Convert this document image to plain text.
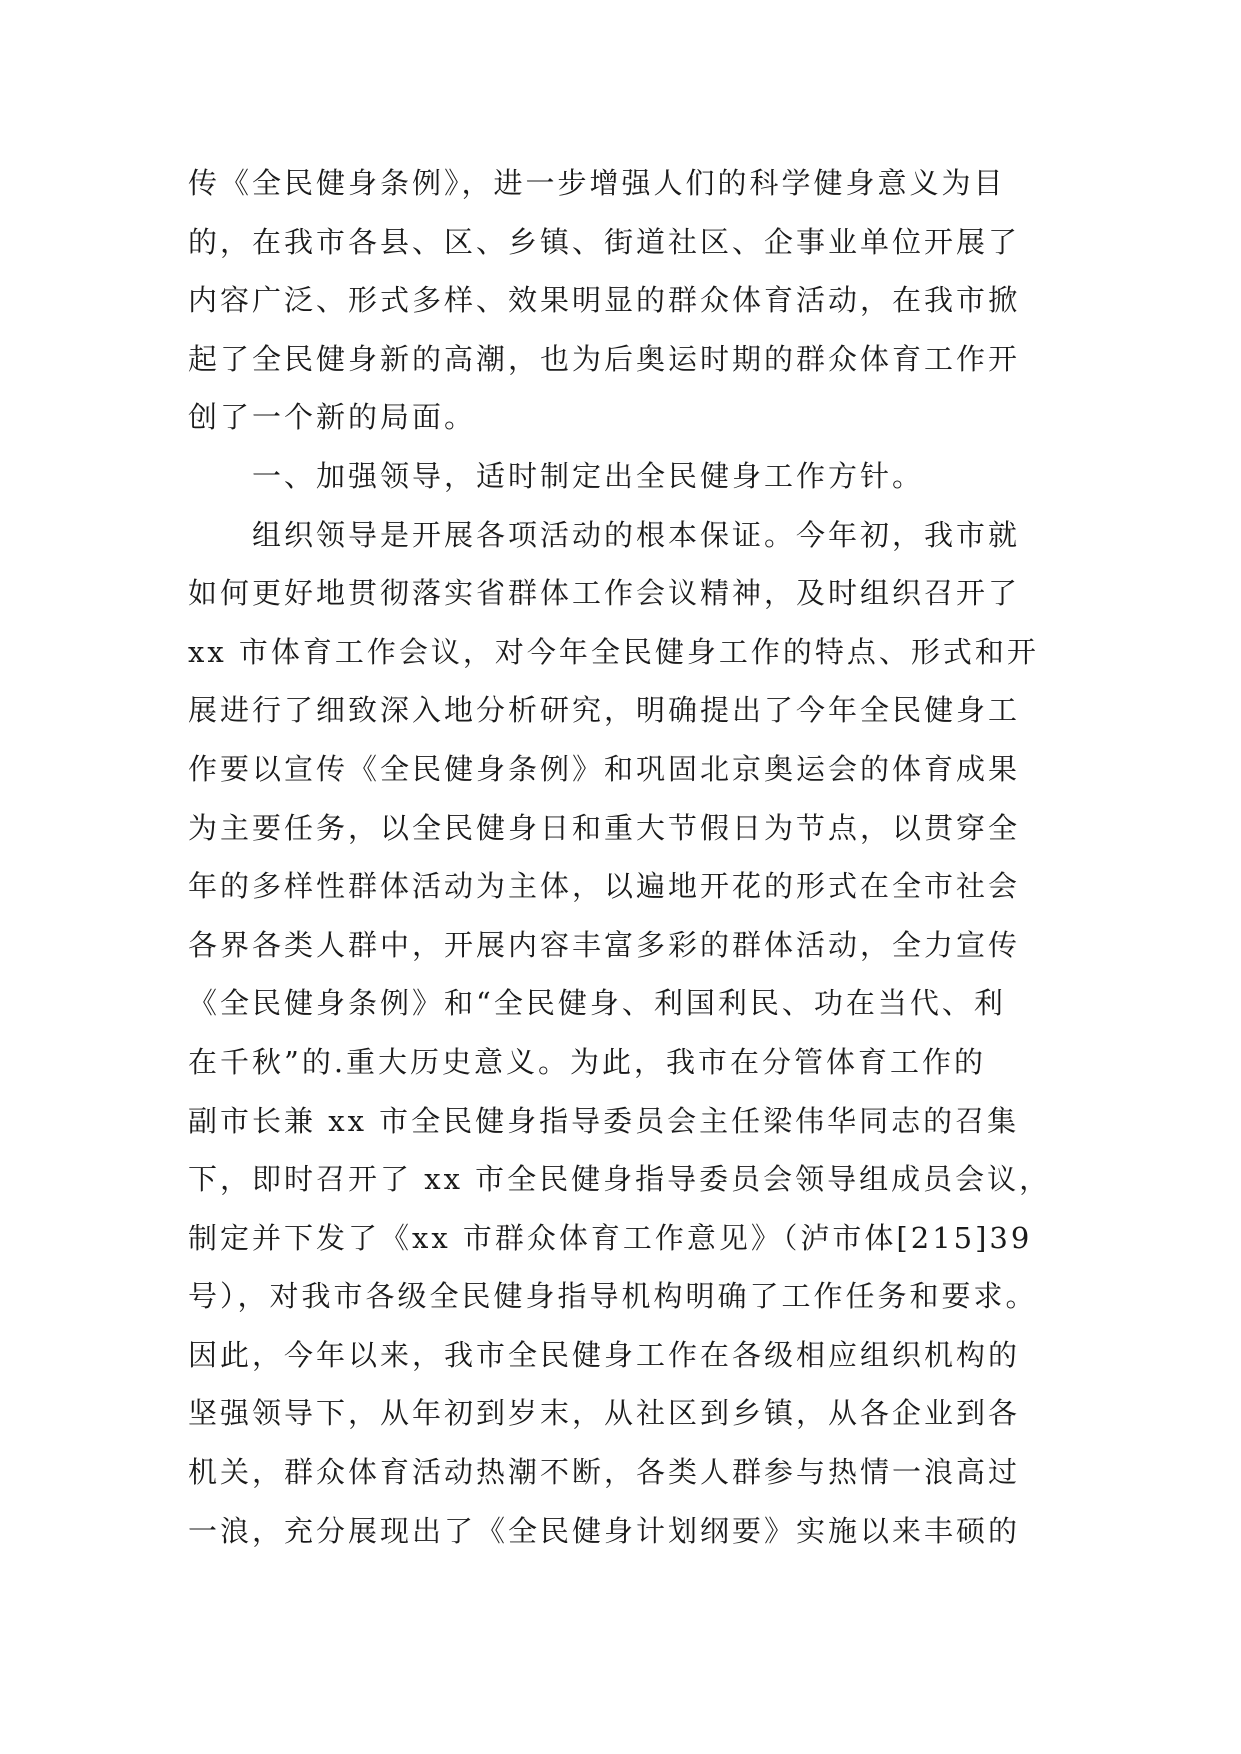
传《全民健身条例》，进一步增强人们的科学健身意义为目
的，在我市各县、区、乡镇、街道社区、企事业单位开展了
内容广泛、形式多样、效果明显的群众体育活动，在我市掀
起了全民健身新的高潮，也为后奥运时期的群众体育工作开
创了一个新的局面。
一、加强领导，适时制定出全民健身工作方针。
组织领导是开展各项活动的根本保证。今年初，我市就
如何更好地贯彻落实省群体工作会议精神，及时组织召开了
xx 市体育工作会议，对今年全民健身工作的特点、形式和开
展进行了细致深入地分析研究，明确提出了今年全民健身工
作要以宣传《全民健身条例》和巩固北京奥运会的体育成果
为主要任务，以全民健身日和重大节假日为节点，以贯穿全
年的多样性群体活动为主体，以遍地开花的形式在全市社会
各界各类人群中，开展内容丰富多彩的群体活动，全力宣传
《全民健身条例》和“全民健身、利国利民、功在当代、利
在千秋”的.重大历史意义。为此，我市在分管体育工作的
副市长兼 xx 市全民健身指导委员会主任梁伟华同志的召集
下，即时召开了 xx 市全民健身指导委员会领导组成员会议，
制定并下发了《xx 市群众体育工作意见》（泸市体[215]39
号），对我市各级全民健身指导机构明确了工作任务和要求。
因此，今年以来，我市全民健身工作在各级相应组织机构的
坚强领导下，从年初到岁末，从社区到乡镇，从各企业到各
机关，群众体育活动热潮不断，各类人群参与热情一浪高过
一浪，充分展现出了《全民健身计划纲要》实施以来丰硕的
